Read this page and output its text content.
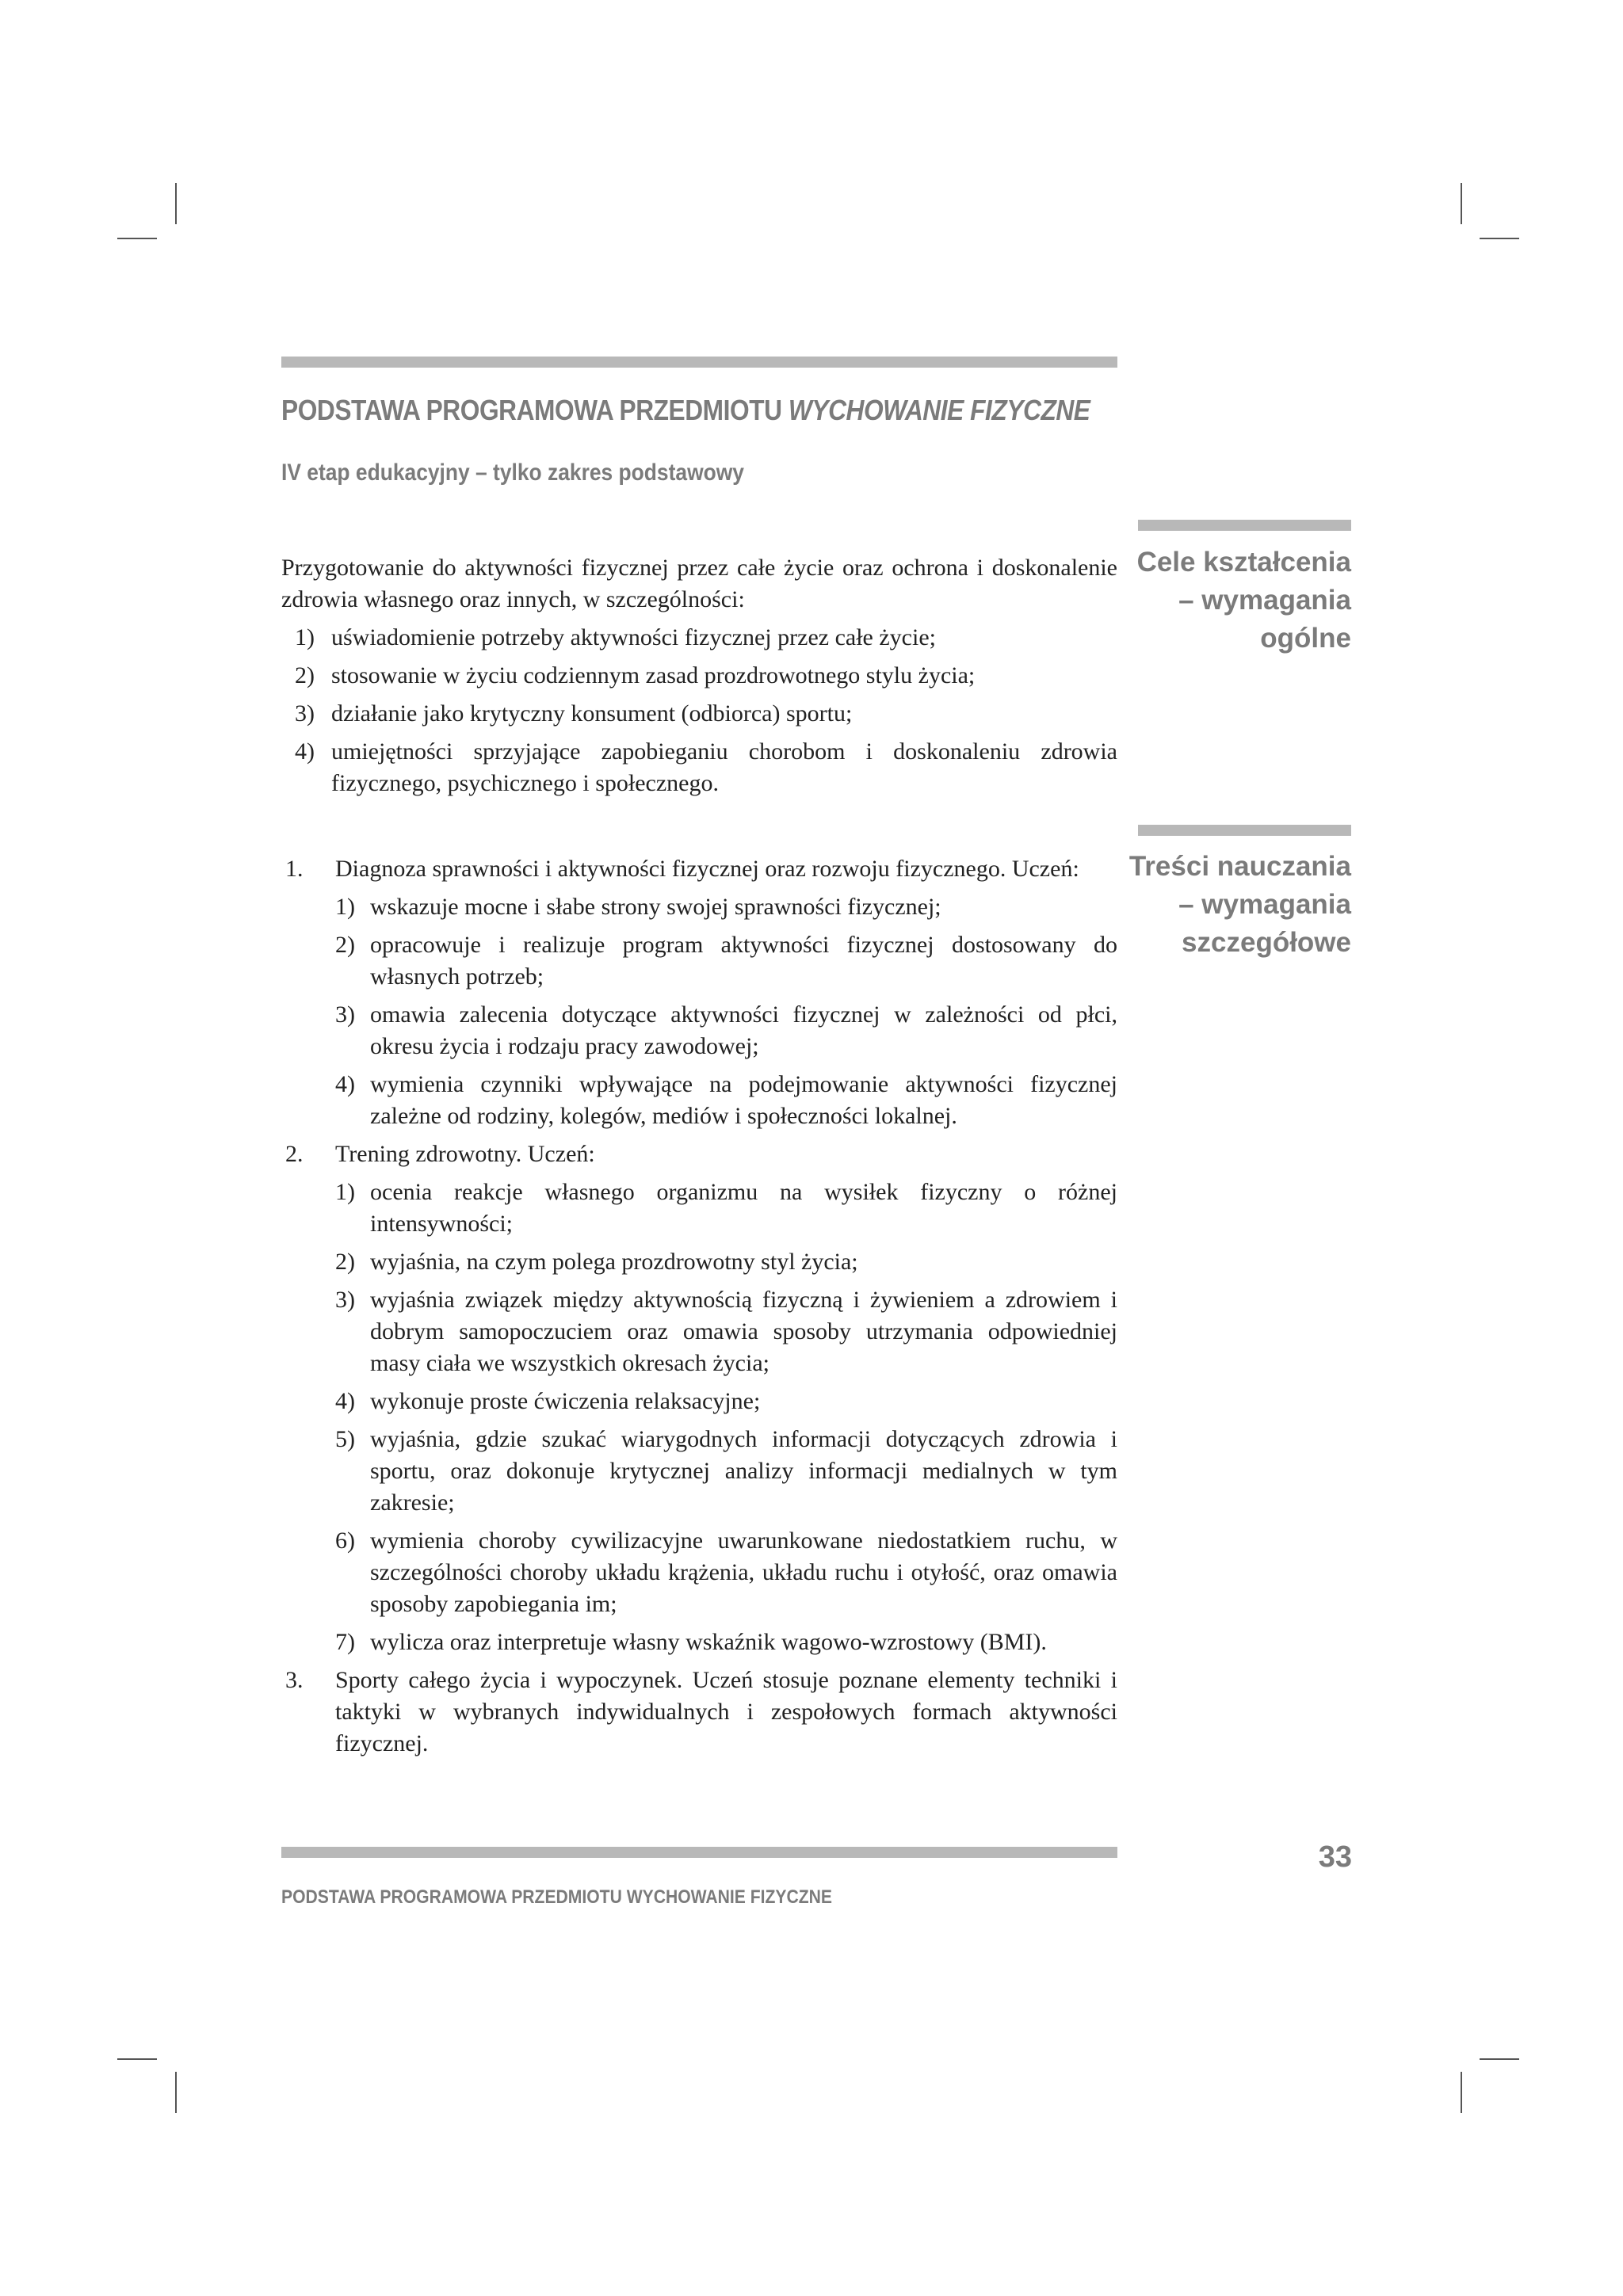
PODSTAWA PROGRAMOWA PRZEDMIOTU WYCHOWANIE FIZYCZNE
IV etap edukacyjny – tylko zakres podstawowy
Cele kształcenia
– wymagania
ogólne

Przygotowanie do aktywności fizycznej przez całe życie oraz ochrona i doskonalenie zdrowia własnego oraz innych, w szczególności:

1) uświadomienie potrzeby aktywności fizycznej przez całe życie;
2) stosowanie w życiu codziennym zasad prozdrowotnego stylu życia;
3) działanie jako krytyczny konsument (odbiorca) sportu;
4) umiejętności sprzyjające zapobieganiu chorobom i doskonaleniu zdrowia fizycznego, psychicznego i społecznego.
Treści nauczania
– wymagania
szczegółowe
1. Diagnoza sprawności i aktywności fizycznej oraz rozwoju fizycznego. Uczeń:
1) wskazuje mocne i słabe strony swojej sprawności fizycznej;
2) opracowuje i realizuje program aktywności fizycznej dostosowany do własnych potrzeb;
3) omawia zalecenia dotyczące aktywności fizycznej w zależności od płci, okresu życia i rodzaju pracy zawodowej;
4) wymienia czynniki wpływające na podejmowanie aktywności fizycznej zależne od rodziny, kolegów, mediów i społeczności lokalnej.
2. Trening zdrowotny. Uczeń:
1) ocenia reakcje własnego organizmu na wysiłek fizyczny o różnej intensywności;
2) wyjaśnia, na czym polega prozdrowotny styl życia;
3) wyjaśnia związek między aktywnością fizyczną i żywieniem a zdrowiem i dobrym samopoczuciem oraz omawia sposoby utrzymania odpowiedniej masy ciała we wszystkich okresach życia;
4) wykonuje proste ćwiczenia relaksacyjne;
5) wyjaśnia, gdzie szukać wiarygodnych informacji dotyczących zdrowia i sportu, oraz dokonuje krytycznej analizy informacji medialnych w tym zakresie;
6) wymienia choroby cywilizacyjne uwarunkowane niedostatkiem ruchu, w szczególności choroby układu krążenia, układu ruchu i otyłość, oraz omawia sposoby zapobiegania im;
7) wylicza oraz interpretuje własny wskaźnik wagowo-wzrostowy (BMI).
3. Sporty całego życia i wypoczynek. Uczeń stosuje poznane elementy techniki i taktyki w wybranych indywidualnych i zespołowych formach aktywności fizycznej.

33

PODSTAWA PROGRAMOWA PRZEDMIOTU WYCHOWANIE FIZYCZNE
